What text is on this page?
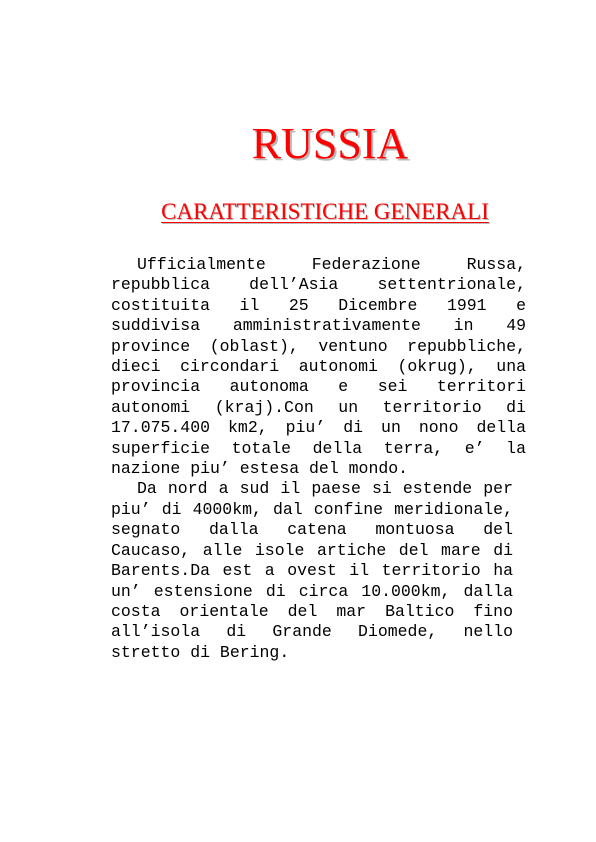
RUSSIA
CARATTERISTICHE GENERALI

Ufficialmente Federazione Russa, repubblica dell’Asia settentrionale, costituita il 25 Dicembre 1991 e suddivisa amministrativamente in 49 province (oblast), ventuno repubbliche, dieci circondari autonomi (okrug), una provincia autonoma e sei territori autonomi (kraj).Con un territorio di 17.075.400 km2, piu’ di un nono della superficie totale della terra, e’ la nazione piu’ estesa del mondo.

Da nord a sud il paese si estende per piu’ di 4000km, dal confine meridionale, segnato dalla catena montuosa del Caucaso, alle isole artiche del mare di Barents.Da est a ovest il territorio ha un’ estensione di circa 10.000km, dalla costa orientale del mar Baltico fino all’isola di Grande Diomede, nello stretto di Bering.
